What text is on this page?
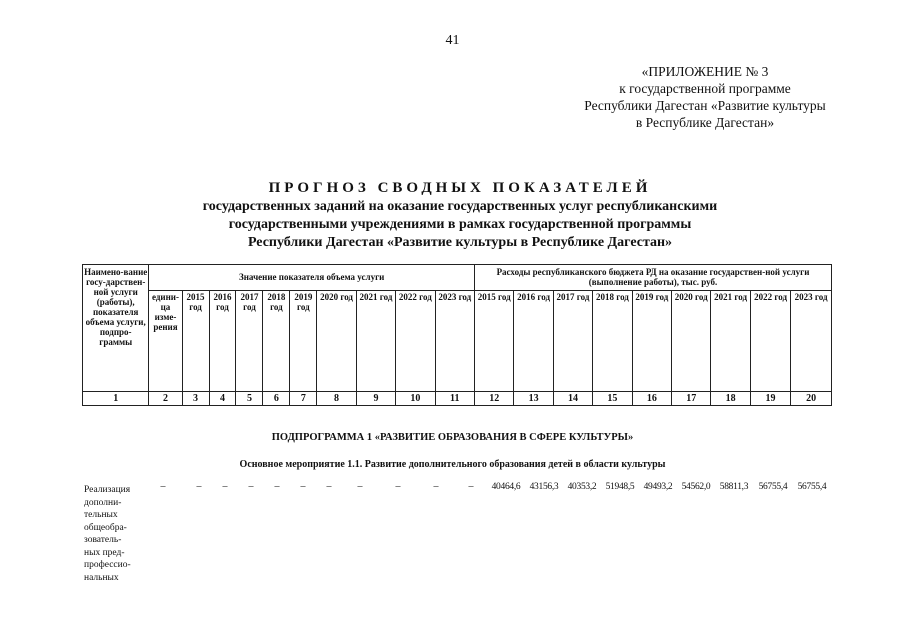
41
«ПРИЛОЖЕНИЕ № 3
к государственной программе
Республики Дагестан «Развитие культуры
в Республике Дагестан»
ПРОГНОЗ СВОДНЫХ ПОКАЗАТЕЛЕЙ
государственных заданий на оказание государственных услуг республиканскими
государственными учреждениями в рамках государственной программы
Республики Дагестан «Развитие культуры в Республике Дагестан»
Наимено-вание госу-дарствен-ной услуги (работы), показателя объема услуги, подпро-граммы	Значение показателя объема услуги										Расходы республиканского бюджета РД на оказание государствен-ной услуги (выполнение работы), тыс. руб.								
	едини-ца изме-рения	2015 год	2016 год	2017 год	2018 год	2019 год	2020 год	2021 год	2022 год	2023 год	2015 год	2016 год	2017 год	2018 год	2019 год	2020 год	2021 год	2022 год	2023 год
1	2	3	4	5	6	7	8	9	10	11	12	13	14	15	16	17	18	19	20
ПОДПРОГРАММА 1 «РАЗВИТИЕ ОБРАЗОВАНИЯ В СФЕРЕ КУЛЬТУРЫ»
Основное мероприятие 1.1. Развитие дополнительного образования детей в области культуры
Реализация
дополни-
тельных
общеобра-
зователь-
ных пред-
профессио-
нальных
–	–	–	–	–	–	–	–	–	–	–	40464,6 43156,3 40353,2 51948,5 49493,2 54562,0 58811,3	56755,4	56755,4
